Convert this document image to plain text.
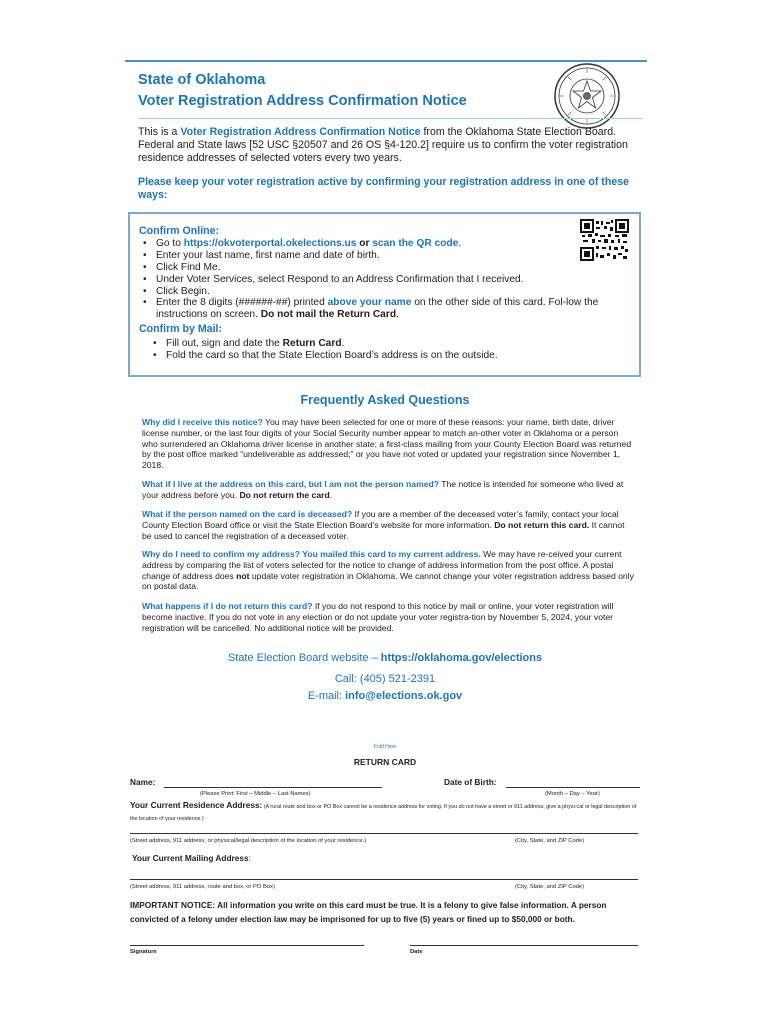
State of Oklahoma
Voter Registration Address Confirmation Notice
This is a Voter Registration Address Confirmation Notice from the Oklahoma State Election Board. Federal and State laws [52 USC §20507 and 26 OS §4-120.2] require us to confirm the voter registration residence addresses of selected voters every two years.
Please keep your voter registration active by confirming your registration address in one of these ways:
Confirm Online:
• Go to https://okvoterportal.okelections.us or scan the QR code.
• Enter your last name, first name and date of birth.
• Click Find Me.
• Under Voter Services, select Respond to an Address Confirmation that I received.
• Click Begin.
• Enter the 8 digits (######-##) printed above your name on the other side of this card. Fol-low the instructions on screen. Do not mail the Return Card.
Confirm by Mail:
• Fill out, sign and date the Return Card.
• Fold the card so that the State Election Board’s address is on the outside.
Frequently Asked Questions
Why did I receive this notice? You may have been selected for one or more of these reasons: your name, birth date, driver license number, or the last four digits of your Social Security number appear to match an-other voter in Oklahoma or a person who surrendered an Oklahoma driver license in another state; a first-class mailing from your County Election Board was returned by the post office marked “undeliverable as addressed;” or you have not voted or updated your registration since November 1, 2018.
What if I live at the address on this card, but I am not the person named? The notice is intended for someone who lived at your address before you. Do not return the card.
What if the person named on the card is deceased? If you are a member of the deceased voter’s family, contact your local County Election Board office or visit the State Election Board’s website for more information. Do not return this card. It cannot be used to cancel the registration of a deceased voter.
Why do I need to confirm my address? You mailed this card to my current address. We may have re-ceived your current address by comparing the list of voters selected for the notice to change of address information from the post office. A postal change of address does not update voter registration in Oklahoma. We cannot change your voter registration address based only on postal data.
What happens if I do not return this card? If you do not respond to this notice by mail or online, your voter registration will become inactive. If you do not vote in any election or do not update your voter registra-tion by November 5, 2024, your voter registration will be cancelled. No additional notice will be provided.
State Election Board website – https://oklahoma.gov/elections
Call: (405) 521-2391
E-mail: info@elections.ok.gov
Fold Here
RETURN CARD
Name:	Date of Birth:
(Please Print: First – Middle – Last Names)	(Month – Day – Year)
Your Current Residence Address: (A rural route and box or PO Box cannot be a residence address for voting. If you do not have a street or 911 address, give a physi-cal or legal description of the location of your residence.)
(Street address, 911 address, or physical/legal description of the location of your residence.)	(City, State, and ZIP Code)
Your Current Mailing Address:
(Street address, 911 address, route and box, or PO Box)	(City, State, and ZIP Code)
IMPORTANT NOTICE: All information you write on this card must be true. It is a felony to give false information. A person convicted of a felony under election law may be imprisoned for up to five (5) years or fined up to $50,000 or both.
Signature	Date
